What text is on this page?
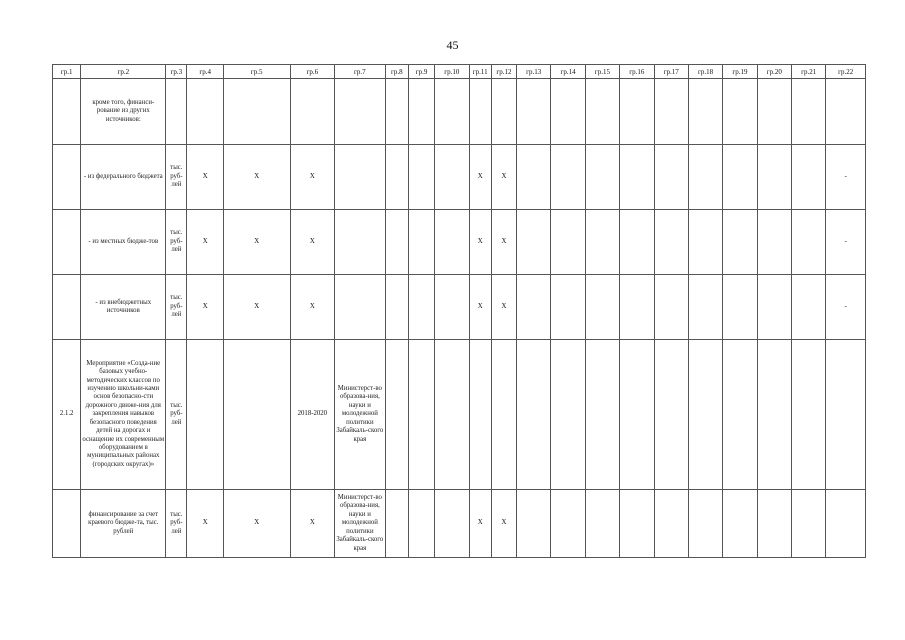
45
гр.1	гр.2	гр.3	гр.4	гр.5	гр.6	гр.7	гр.8	гр.9	гр.10	гр.11	гр.12	гр.13	гр.14	гр.15	гр.16	гр.17	гр.18	гр.19	гр.20	гр.21	гр.22
	кроме того, финанси-рование из других источников:																				
	- из федерального бюджета	тыс. руб-лей	X	X	X					X	X										-
	- из местных бюдже-тов	тыс. руб-лей	X	X	X					X	X										-
	- из внебюджетных источников	тыс. руб-лей	X	X	X					X	X										-
2.1.2	Мероприятие «Созда-ние базовых учебно-методических классов по изучению школьни-ками основ безопасно-сти дорожного движе-ния для закрепления навыков безопасного поведения детей на дорогах и оснащение их современным оборудованием в муниципальных районах (городских округах)»	тыс. руб-лей			2018-2020	Министерст-во образова-ния, науки и молодежной политики Забайкаль-ского края															
	финансирование за счет краевого бюдже-та, тыс. рублей	тыс. руб-лей	X	X	X	Министерст-во образова-ния, науки и молодежной политики Забайкаль-ского края				X	X										
